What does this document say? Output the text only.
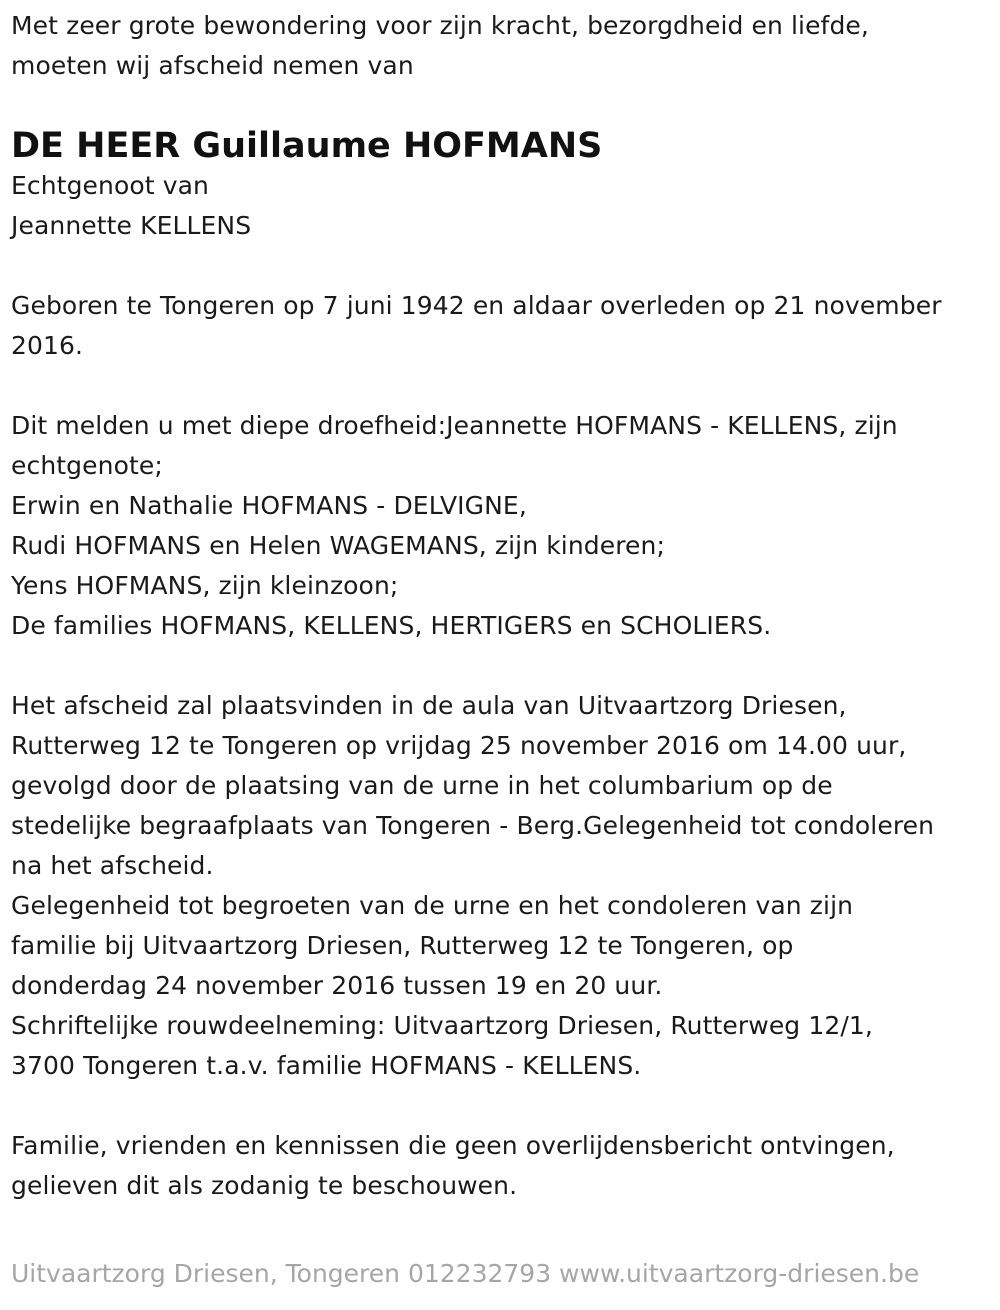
Met zeer grote bewondering voor zijn kracht, bezorgdheid en liefde,
moeten wij afscheid nemen van
DE HEER Guillaume HOFMANS
Echtgenoot van
Jeannette KELLENS
Geboren te Tongeren op 7 juni 1942 en aldaar overleden op 21 november
2016.
Dit melden u met diepe droefheid:Jeannette HOFMANS - KELLENS, zijn
echtgenote;
Erwin en Nathalie HOFMANS - DELVIGNE,
Rudi HOFMANS en Helen WAGEMANS, zijn kinderen;
Yens HOFMANS, zijn kleinzoon;
De families HOFMANS, KELLENS, HERTIGERS en SCHOLIERS.
Het afscheid zal plaatsvinden in de aula van Uitvaartzorg Driesen,
Rutterweg 12 te Tongeren op vrijdag 25 november 2016 om 14.00 uur,
gevolgd door de plaatsing van de urne in het columbarium op de
stedelijke begraafplaats van Tongeren - Berg.Gelegenheid tot condoleren
na het afscheid.
Gelegenheid tot begroeten van de urne en het condoleren van zijn
familie bij Uitvaartzorg Driesen, Rutterweg 12 te Tongeren, op
donderdag 24 november 2016 tussen 19 en 20 uur.
Schriftelijke rouwdeelneming: Uitvaartzorg Driesen, Rutterweg 12/1,
3700 Tongeren t.a.v. familie HOFMANS - KELLENS.
Familie, vrienden en kennissen die geen overlijdensbericht ontvingen,
gelieven dit als zodanig te beschouwen.
Uitvaartzorg Driesen, Tongeren 012232793 www.uitvaartzorg-driesen.be
